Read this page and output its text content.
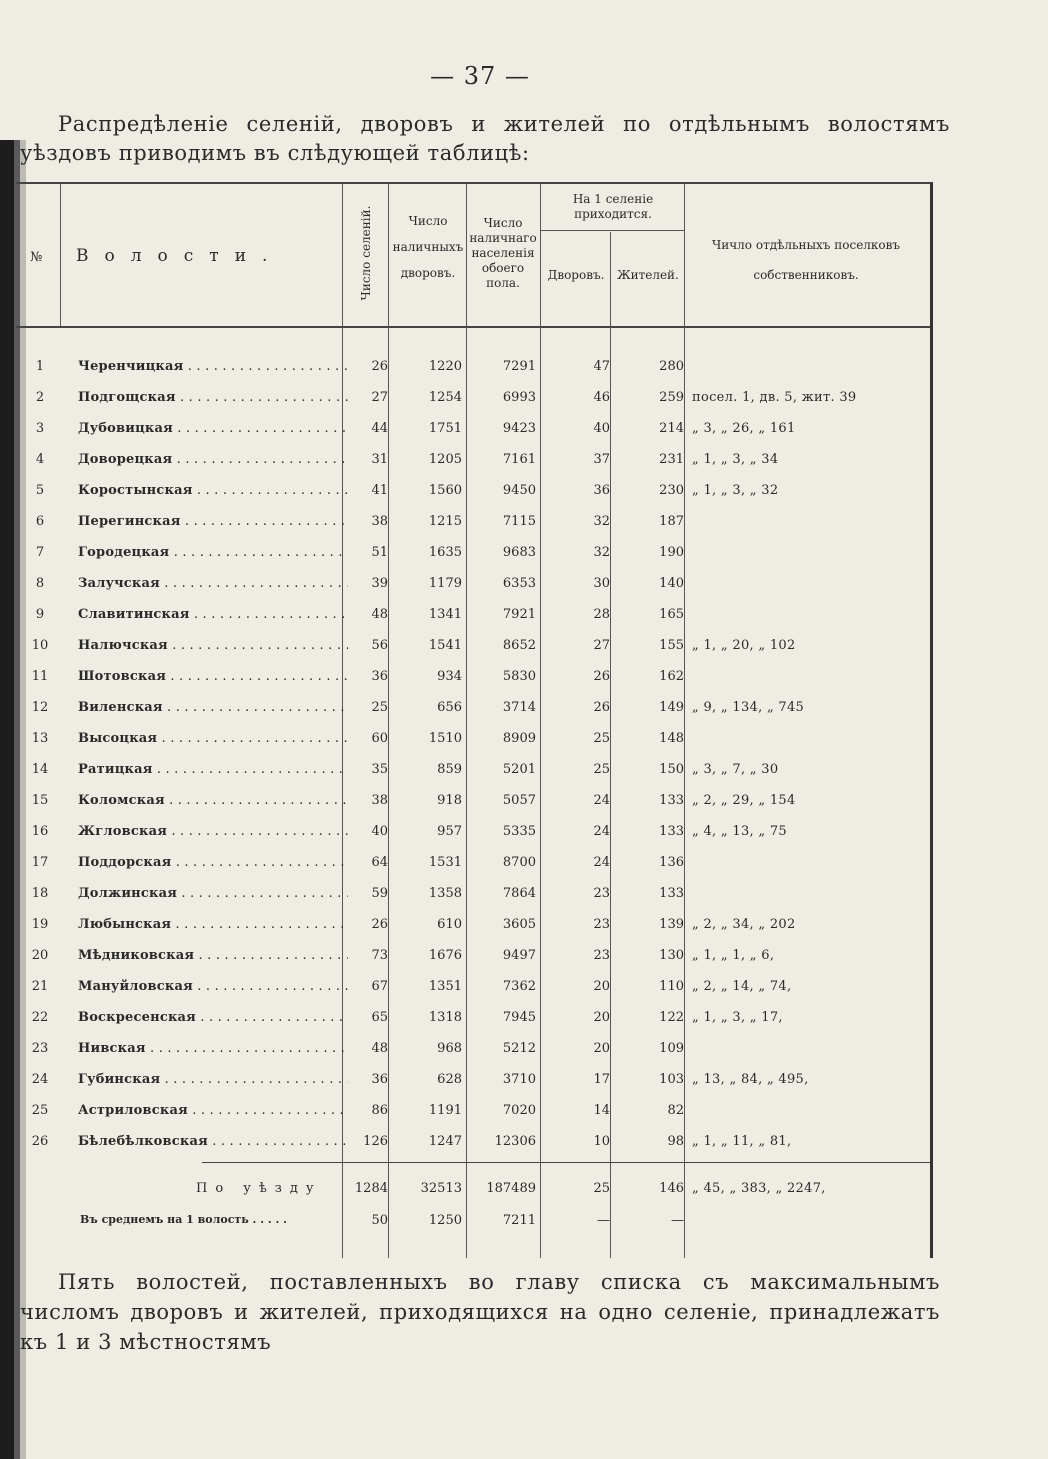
— 37 —
Распредѣленіе селеній, дворовъ и жителей по отдѣльнымъ волостямъ уѣздовъ приводимъ въ слѣдующей таблицѣ:
№ Волости.	Число селеній.	Число наличныхъ дворовъ.
Число наличнаго населенія обоего пола.
На 1 селеніе приходится.
Дворовъ.	Жителей.
Чичло отдѣльныхъ поселковъ собственниковъ.
1	Черенчицкая . . .	26	1220	7291	47	280
2	Подгощская . . .	27	1254	6993	46	259 посел. 1, дв. 5, жит. 39
3	Дубовицкая . . .	44	1751	9423	40	214 „ 3, „ 26, „ 161
4	Доворецкая . . .	31	1205	7161	37	231 „ 1, „ 3, „ 34
5	Коростынская . . .	41	1560	9450	36	230 „ 1, „ 3, „ 32
6	Перегинская . . .	38	1215	7115	32	187
7	Городецкая . . .	51	1635	9683	32	190
8	Залучская . . .	39	1179	6353	30	140
9	Славитинская . . .	48	1341	7921	28	165
10 Налючская . . .	56	1541	8652	27	155 „ 1, „ 20, „ 102
11 Шотовская . . .	36	934	5830	26	162
12 Виленская . . .	25	656	3714	26	149 „ 9, „ 134, „ 745
13 Высоцкая . . .	60	1510	8909	25	148
14 Ратицкая . . .	35	859	5201	25	150 „ 3, „ 7, „ 30
15 Коломская . . .	38	918	5057	24	133 „ 2, „ 29, „ 154
16 Жгловская . . .	40	957	5335	24	133 „ 4, „ 13, „ 75
17 Поддорская . . .	64	1531	8700	24	136
18 Должинская . . .	59	1358	7864	23	133
19 Любынская . . .	26	610	3605	23	139 „ 2, „ 34, „ 202
20 Мѣдниковская . . .	73	1676	9497	23	130 „ 1, „ 1, „ 6,
21 Мануйловская . . .	67	1351	7362	20	110 „ 2, „ 14, „ 74,
22 Воскресенская . . .	65	1318	7945	20	122 „ 1, „ 3, „ 17,
23 Нивская . . .	48	968	5212	20	109
24 Губинская . . .	36	628	3710	17	103 „ 13, „ 84, „ 495,
25 Астриловская . . .	86	1191	7020	14	82
26 Бѣлебѣлковская . . .	126	1247	12306	10	98 „ 1, „ 11, „ 81,
По уѣзду	1284	32513	187489	25	146 „ 45, „ 383, „ 2247,
Въ среднемъ на 1 волость . . . . .	50	1250	7211	—	—
Пять волостей, поставленныхъ во главу списка съ максимальнымъ числомъ дворовъ и жителей, приходящихся на одно селеніе, принадлежатъ къ 1 и 3 мѣстностямъ
